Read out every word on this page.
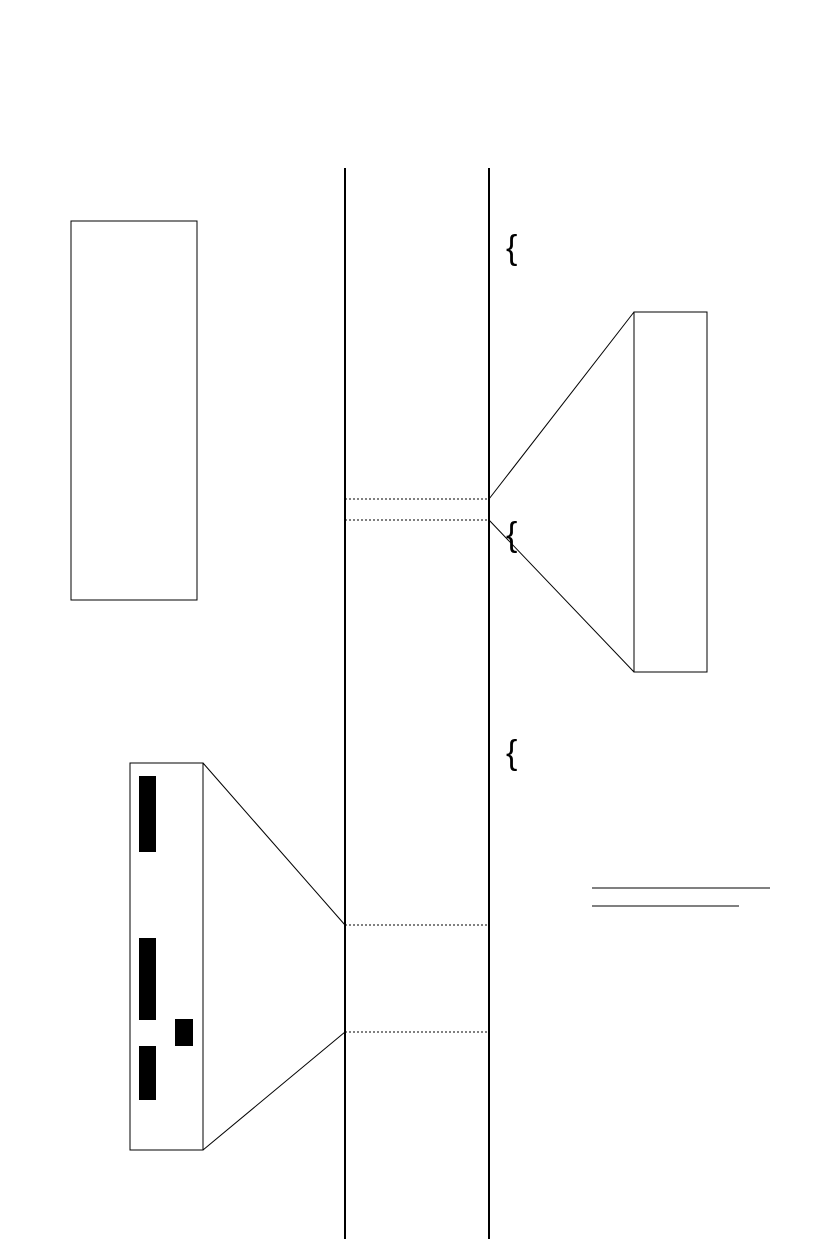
{
{
{
